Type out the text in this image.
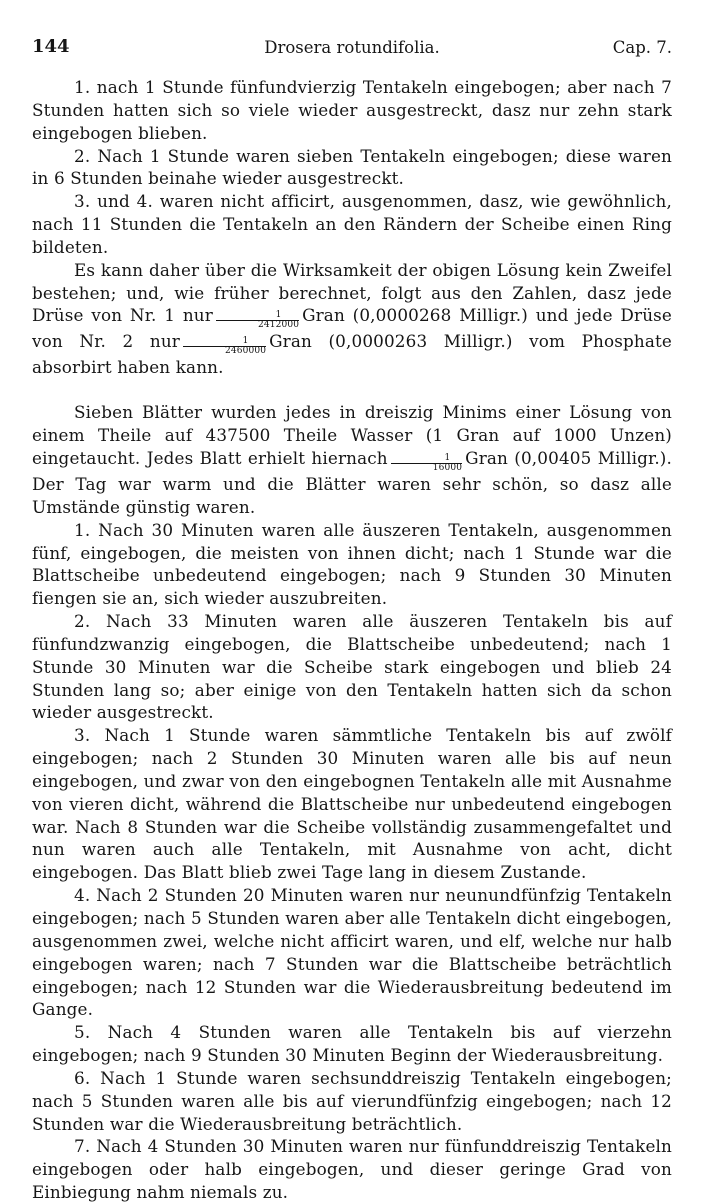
144	Drosera rotundifolia.	Cap. 7.

1. nach 1 Stunde fünfundvierzig Tentakeln eingebogen; aber nach 7 Stunden hatten sich so viele wieder ausgestreckt, dasz nur zehn stark eingebogen blieben.

2. Nach 1 Stunde waren sieben Tentakeln eingebogen; diese waren in 6 Stunden beinahe wieder ausgestreckt.

3. und 4. waren nicht afficirt, ausgenommen, dasz, wie gewöhnlich, nach 11 Stunden die Tentakeln an den Rändern der Scheibe einen Ring bildeten.

Es kann daher über die Wirksamkeit der obigen Lösung kein Zweifel bestehen; und, wie früher berechnet, folgt aus den Zahlen, dasz jede Drüse von Nr. 1 nur $\frac{1}{2412000}$ Gran (0,0000268 Milligr.) und jede Drüse von Nr. 2 nur $\frac{1}{2460000}$ Gran (0,0000263 Milligr.) vom Phosphate absorbirt haben kann.

Sieben Blätter wurden jedes in dreiszig Minims einer Lösung von einem Theile auf 437500 Theile Wasser (1 Gran auf 1000 Unzen) eingetaucht. Jedes Blatt erhielt hiernach $\frac{1}{16000}$ Gran (0,00405 Milligr.). Der Tag war warm und die Blätter waren sehr schön, so dasz alle Umstände günstig waren.

1. Nach 30 Minuten waren alle äuszeren Tentakeln, ausgenommen fünf, eingebogen, die meisten von ihnen dicht; nach 1 Stunde war die Blattscheibe unbedeutend eingebogen; nach 9 Stunden 30 Minuten fiengen sie an, sich wieder auszubreiten.

2. Nach 33 Minuten waren alle äuszeren Tentakeln bis auf fünfundzwanzig eingebogen, die Blattscheibe unbedeutend; nach 1 Stunde 30 Minuten war die Scheibe stark eingebogen und blieb 24 Stunden lang so; aber einige von den Tentakeln hatten sich da schon wieder ausgestreckt.

3. Nach 1 Stunde waren sämmtliche Tentakeln bis auf zwölf eingebogen; nach 2 Stunden 30 Minuten waren alle bis auf neun eingebogen, und zwar von den eingebognen Tentakeln alle mit Ausnahme von vieren dicht, während die Blattscheibe nur unbedeutend eingebogen war. Nach 8 Stunden war die Scheibe vollständig zusammengefaltet und nun waren auch alle Tentakeln, mit Ausnahme von acht, dicht eingebogen. Das Blatt blieb zwei Tage lang in diesem Zustande.

4. Nach 2 Stunden 20 Minuten waren nur neunundfünfzig Tentakeln eingebogen; nach 5 Stunden waren aber alle Tentakeln dicht eingebogen, ausgenommen zwei, welche nicht afficirt waren, und elf, welche nur halb eingebogen waren; nach 7 Stunden war die Blattscheibe beträchtlich eingebogen; nach 12 Stunden war die Wiederausbreitung bedeutend im Gange.

5. Nach 4 Stunden waren alle Tentakeln bis auf vierzehn eingebogen; nach 9 Stunden 30 Minuten Beginn der Wiederausbreitung.

6. Nach 1 Stunde waren sechsunddreiszig Tentakeln eingebogen; nach 5 Stunden waren alle bis auf vierundfünfzig eingebogen; nach 12 Stunden war die Wiederausbreitung beträchtlich.

7. Nach 4 Stunden 30 Minuten waren nur fünfunddreiszig Tentakeln eingebogen oder halb eingebogen, und dieser geringe Grad von Einbiegung nahm niemals zu.
